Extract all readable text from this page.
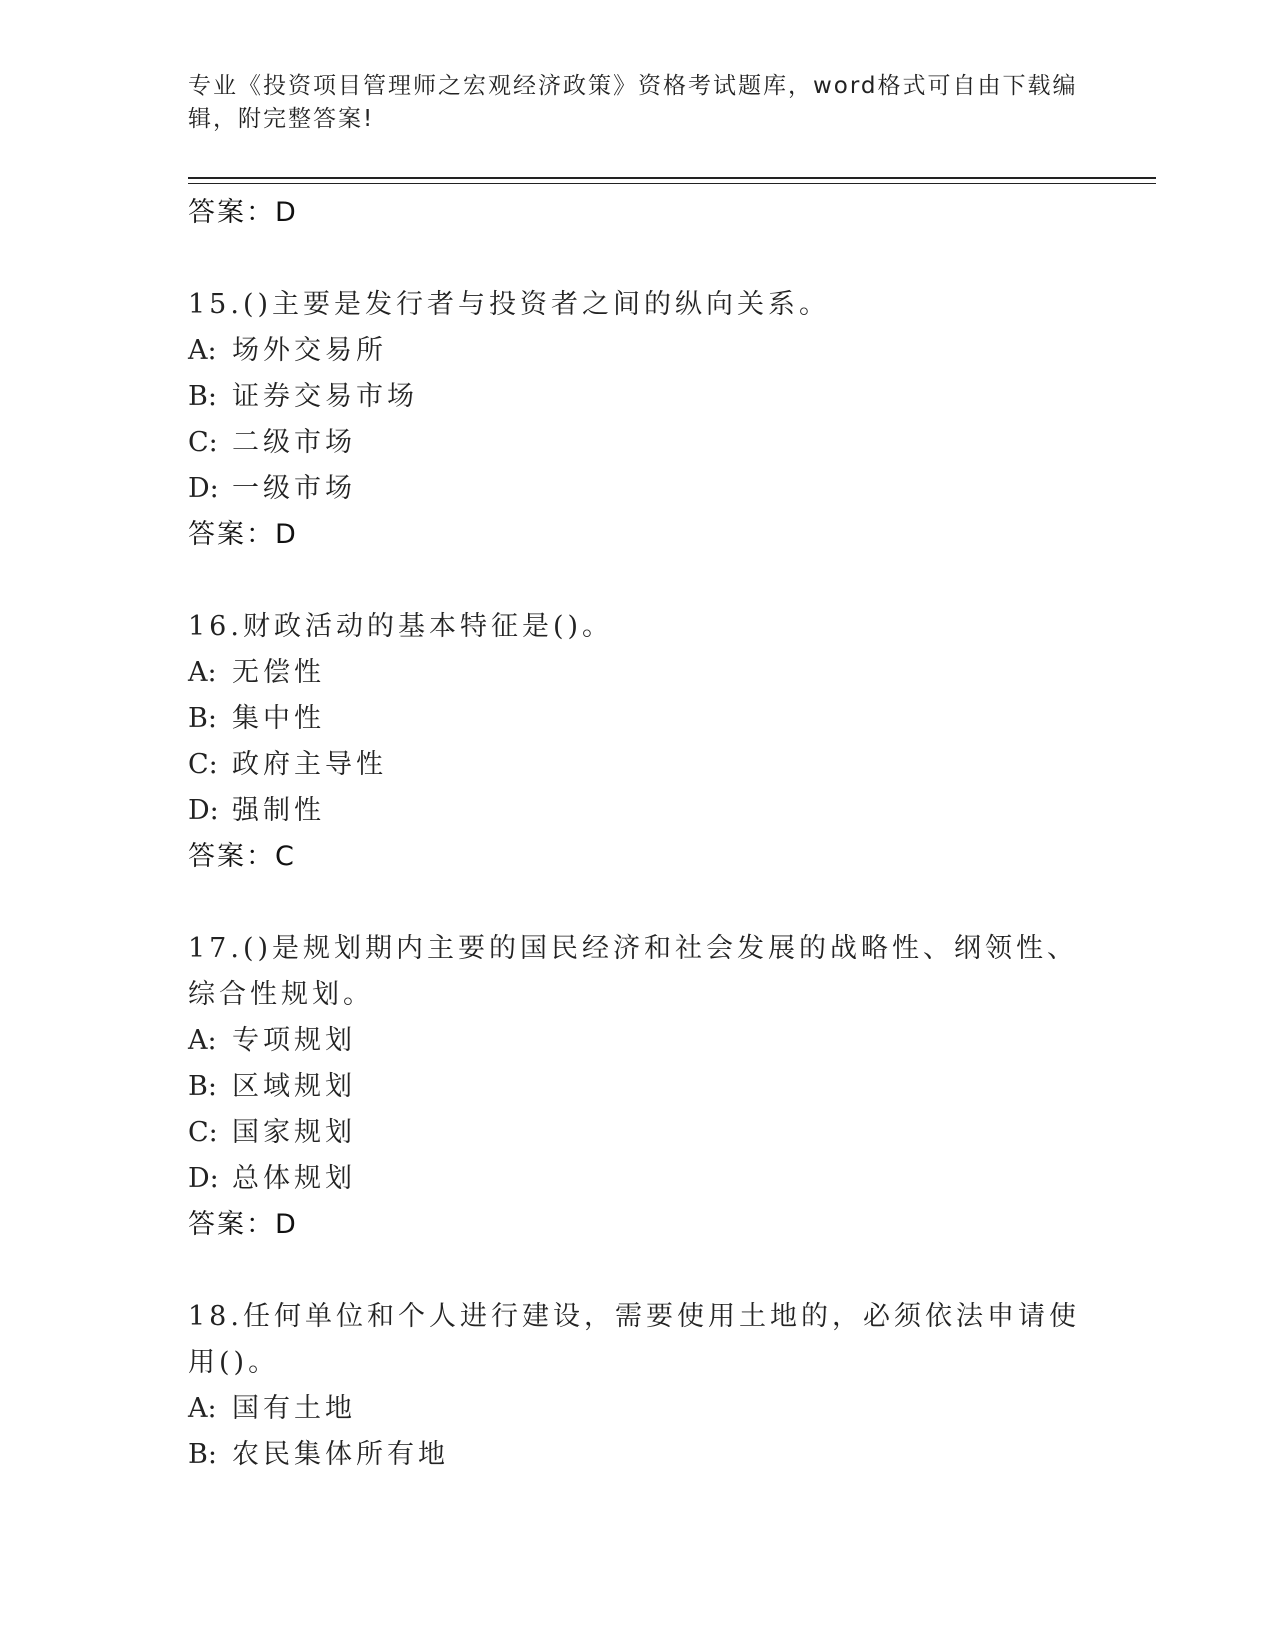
专业《投资项目管理师之宏观经济政策》资格考试题库，word格式可自由下载编辑，附完整答案!
答案：D
15.()主要是发行者与投资者之间的纵向关系。
A: 场外交易所
B: 证券交易市场
C: 二级市场
D: 一级市场
答案：D
16.财政活动的基本特征是()。
A: 无偿性
B: 集中性
C: 政府主导性
D: 强制性
答案：C
17.()是规划期内主要的国民经济和社会发展的战略性、纲领性、综合性规划。
A: 专项规划
B: 区域规划
C: 国家规划
D: 总体规划
答案：D
18.任何单位和个人进行建设，需要使用土地的，必须依法申请使用()。
A: 国有土地
B: 农民集体所有地
